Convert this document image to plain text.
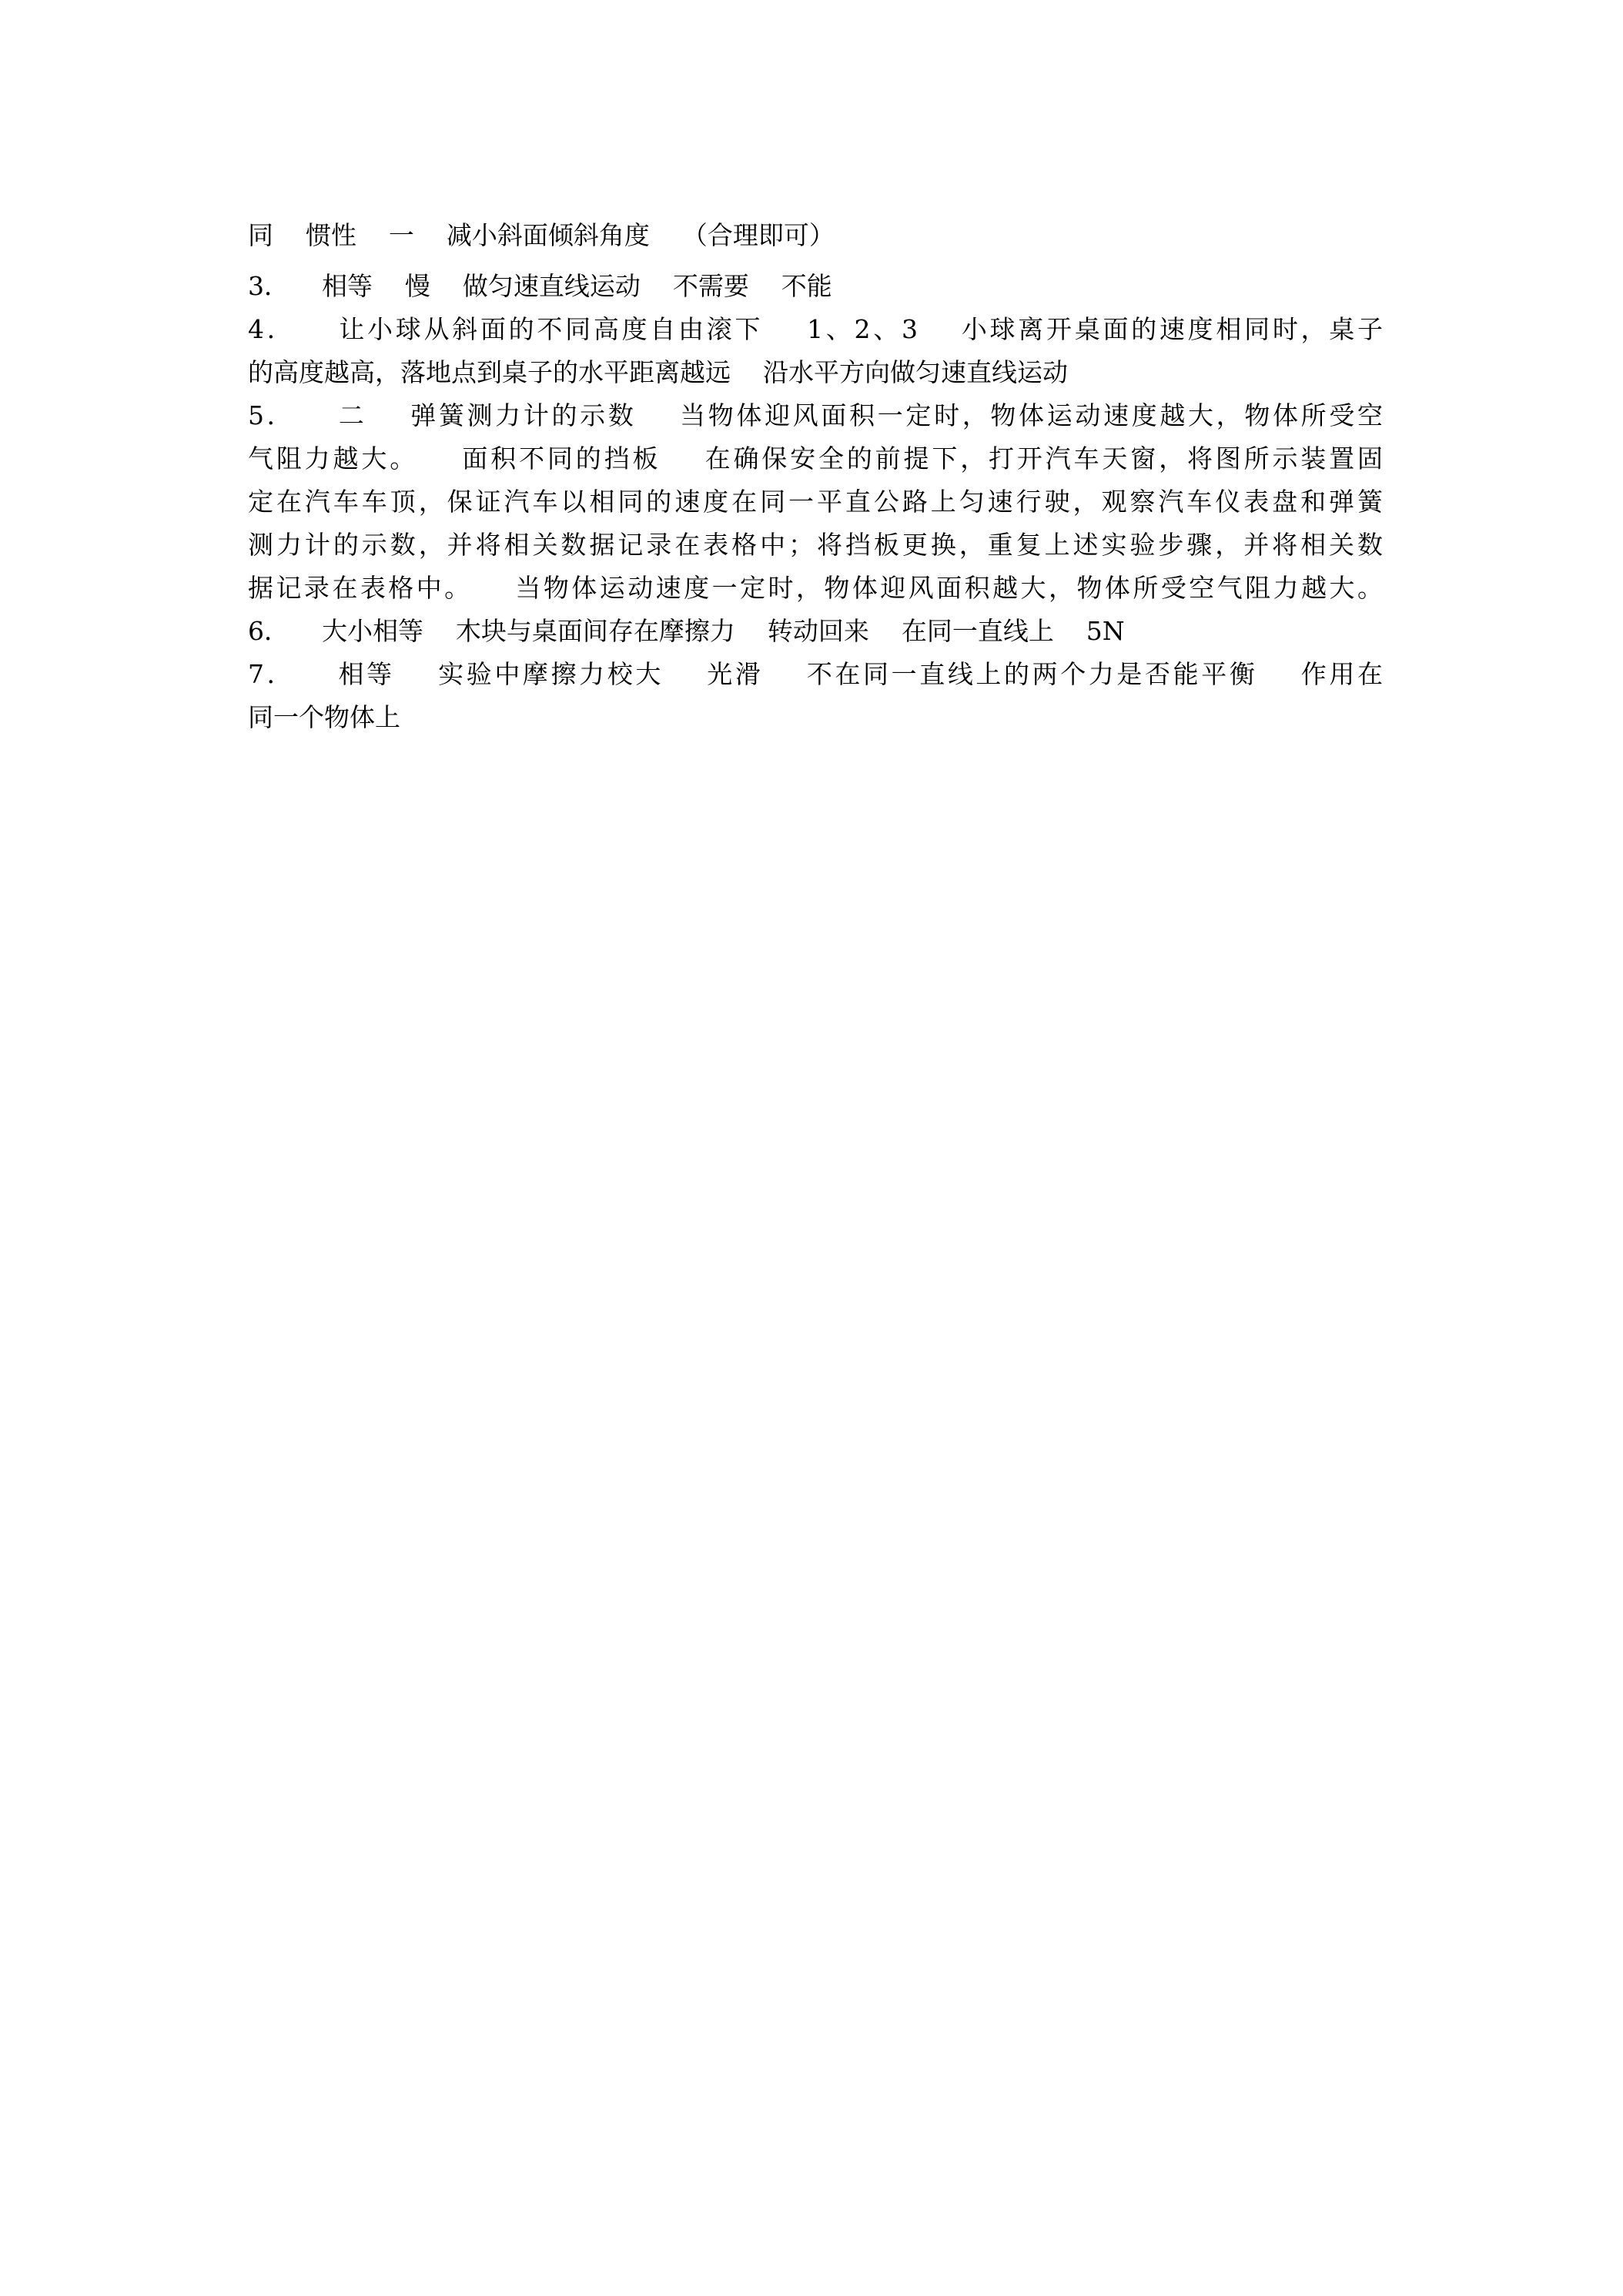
同    惯性    一    减小斜面倾斜角度    （合理即可）
3．    相等    慢    做匀速直线运动    不需要    不能
4．    让小球从斜面的不同高度自由滚下    1、2、3    小球离开桌面的速度相同时，桌子
的高度越高，落地点到桌子的水平距离越远    沿水平方向做匀速直线运动
5．    二    弹簧测力计的示数    当物体迎风面积一定时，物体运动速度越大，物体所受空
气阻力越大。    面积不同的挡板    在确保安全的前提下，打开汽车天窗，将图所示装置固
定在汽车车顶，保证汽车以相同的速度在同一平直公路上匀速行驶，观察汽车仪表盘和弹簧
测力计的示数，并将相关数据记录在表格中；将挡板更换，重复上述实验步骤，并将相关数
据记录在表格中。    当物体运动速度一定时，物体迎风面积越大，物体所受空气阻力越大。
6．    大小相等    木块与桌面间存在摩擦力    转动回来    在同一直线上    5N
7．    相等    实验中摩擦力校大    光滑    不在同一直线上的两个力是否能平衡    作用在
同一个物体上
